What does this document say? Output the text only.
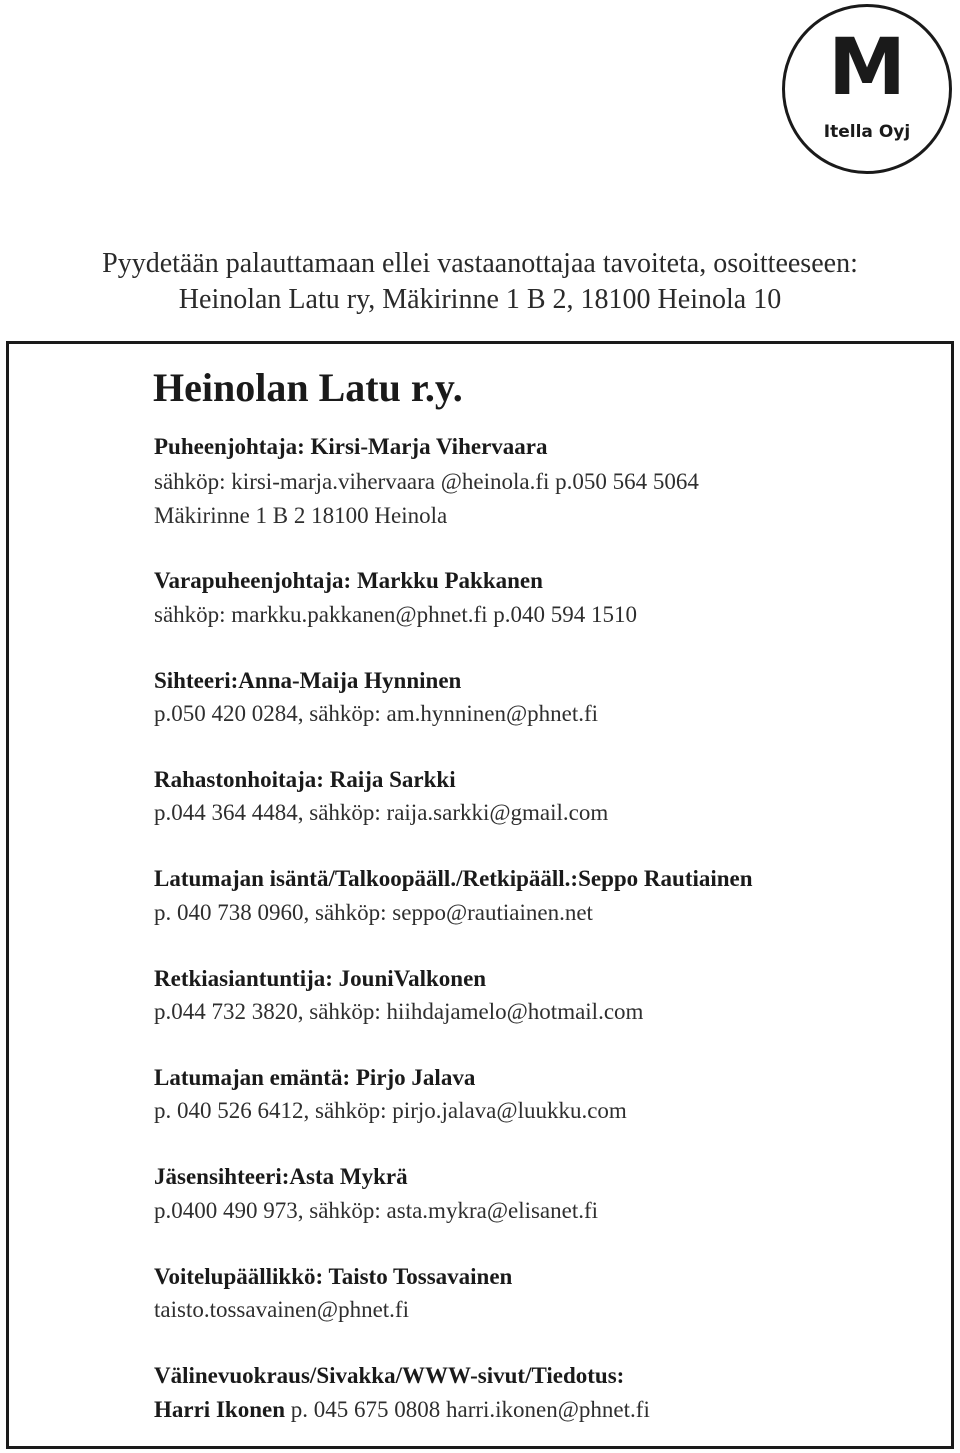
M
Itella Oyj
Pyydetään palauttamaan ellei vastaanottajaa tavoiteta, osoitteeseen:
Heinolan Latu ry, Mäkirinne 1 B 2, 18100 Heinola 10
Heinolan Latu r.y.
Puheenjohtaja: Kirsi-Marja Vihervaara
sähköp: kirsi-marja.vihervaara @heinola.fi p.050 564 5064
Mäkirinne 1 B 2 18100 Heinola
Varapuheenjohtaja: Markku Pakkanen
sähköp: markku.pakkanen@phnet.fi p.040 594 1510
Sihteeri:Anna-Maija Hynninen
p.050 420 0284, sähköp: am.hynninen@phnet.fi
Rahastonhoitaja: Raija Sarkki
p.044 364 4484, sähköp: raija.sarkki@gmail.com
Latumajan isäntä/Talkoopääll./Retkipääll.:Seppo Rautiainen
p. 040 738 0960, sähköp: seppo@rautiainen.net
Retkiasiantuntija: JouniValkonen
p.044 732 3820, sähköp: hiihdajamelo@hotmail.com
Latumajan emäntä: Pirjo Jalava
p. 040 526 6412, sähköp: pirjo.jalava@luukku.com
Jäsensihteeri:Asta Mykrä
p.0400 490 973, sähköp: asta.mykra@elisanet.fi
Voitelupäällikkö: Taisto Tossavainen
taisto.tossavainen@phnet.fi
Välinevuokraus/Sivakka/WWW-sivut/Tiedotus:
Harri Ikonen p. 045 675 0808 harri.ikonen@phnet.fi
